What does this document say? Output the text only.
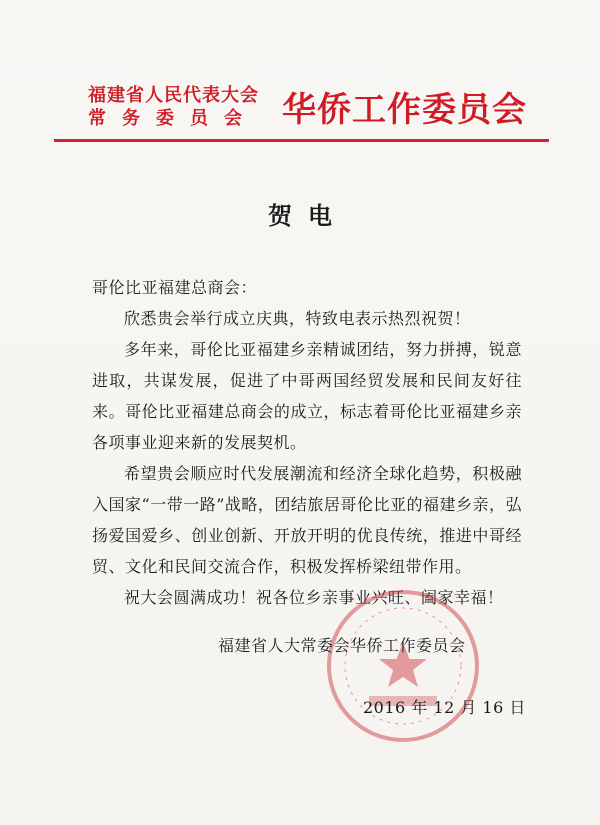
福建省人民代表大会
常 务 委 员 会 华侨工作委员会
贺电

哥伦比亚福建总商会：

欣悉贵会举行成立庆典，特致电表示热烈祝贺！

多年来，哥伦比亚福建乡亲精诚团结，努力拼搏，锐意进取，共谋发展，促进了中哥两国经贸发展和民间友好往来。哥伦比亚福建总商会的成立，标志着哥伦比亚福建乡亲各项事业迎来新的发展契机。

希望贵会顺应时代发展潮流和经济全球化趋势，积极融入国家“一带一路”战略，团结旅居哥伦比亚的福建乡亲，弘扬爱国爱乡、创业创新、开放开明的优良传统，推进中哥经贸、文化和民间交流合作，积极发挥桥梁纽带作用。

祝大会圆满成功！祝各位乡亲事业兴旺、阖家幸福！

福建省人大常委会华侨工作委员会
2016 年 12 月 16 日
